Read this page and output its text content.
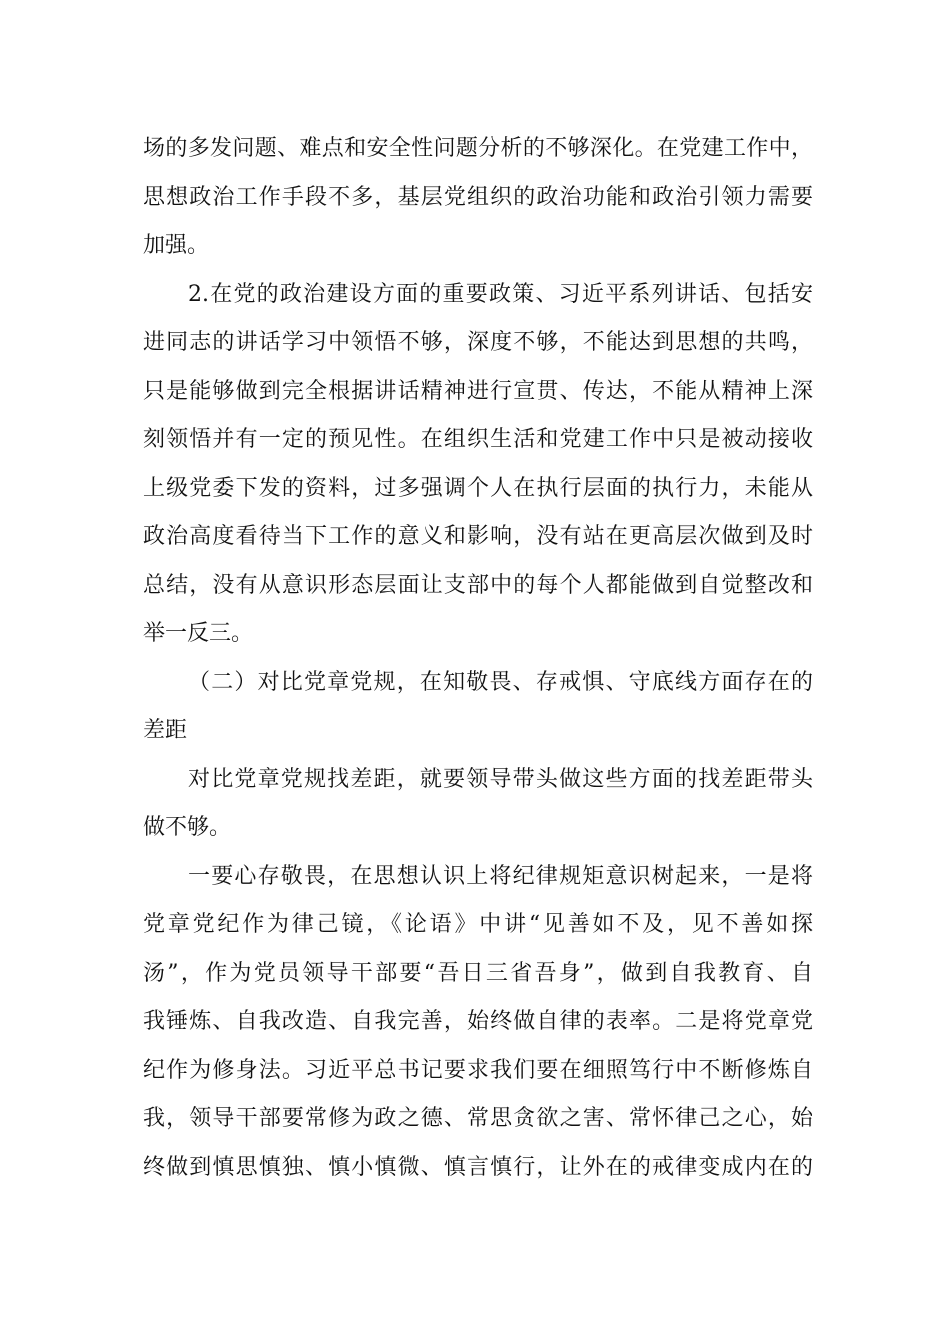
场的多发问题、难点和安全性问题分析的不够深化。在党建工作中，
思想政治工作手段不多，基层党组织的政治功能和政治引领力需要
加强。
2.在党的政治建设方面的重要政策、习近平系列讲话、包括安
进同志的讲话学习中领悟不够，深度不够，不能达到思想的共鸣，
只是能够做到完全根据讲话精神进行宣贯、传达，不能从精神上深
刻领悟并有一定的预见性。在组织生活和党建工作中只是被动接收
上级党委下发的资料，过多强调个人在执行层面的执行力，未能从
政治高度看待当下工作的意义和影响，没有站在更高层次做到及时
总结，没有从意识形态层面让支部中的每个人都能做到自觉整改和
举一反三。
（二）对比党章党规，在知敬畏、存戒惧、守底线方面存在的
差距
对比党章党规找差距，就要领导带头做这些方面的找差距带头
做不够。
一要心存敬畏，在思想认识上将纪律规矩意识树起来，一是将
党章党纪作为律己镜，《论语》中讲“见善如不及，见不善如探
汤”，作为党员领导干部要“吾日三省吾身”，做到自我教育、自
我锤炼、自我改造、自我完善，始终做自律的表率。二是将党章党
纪作为修身法。习近平总书记要求我们要在细照笃行中不断修炼自
我，领导干部要常修为政之德、常思贪欲之害、常怀律己之心，始
终做到慎思慎独、慎小慎微、慎言慎行，让外在的戒律变成内在的
